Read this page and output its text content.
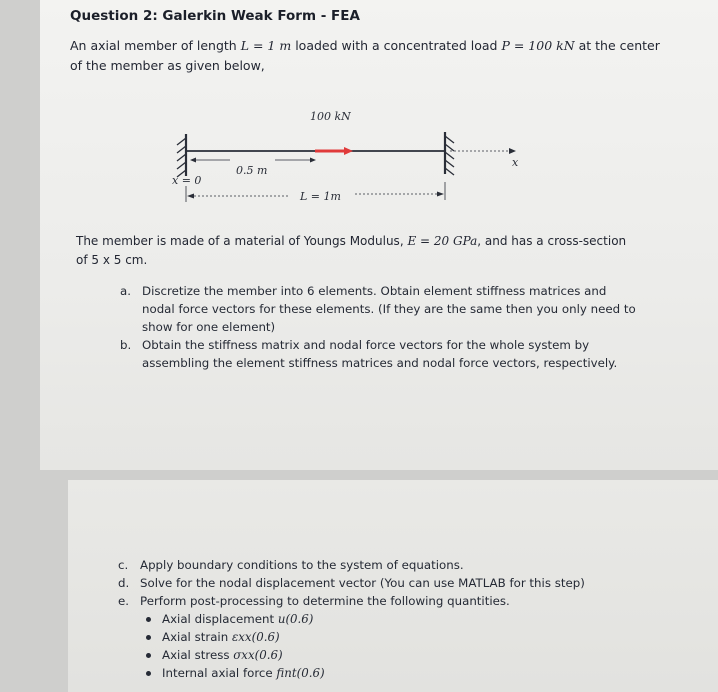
Question 2: Galerkin Weak Form - FEA
An axial member of length L = 1 m loaded with a concentrated load P = 100 kN at the center
of the member as given below,
100 kN
0.5 m
x = 0
L = 1m
x
The member is made of a material of Youngs Modulus, E = 20 GPa, and has a cross-section
of 5 x 5 cm.
a. Discretize the member into 6 elements. Obtain element stiffness matrices and nodal force vectors for these elements. (If they are the same then you only need to show for one element)
b. Obtain the stiffness matrix and nodal force vectors for the whole system by assembling the element stiffness matrices and nodal force vectors, respectively.
c. Apply boundary conditions to the system of equations.
d. Solve for the nodal displacement vector (You can use MATLAB for this step)
e. Perform post-processing to determine the following quantities.
Axial displacement u(0.6)
Axial strain εxx(0.6)
Axial stress σxx(0.6)
Internal axial force fint(0.6)
